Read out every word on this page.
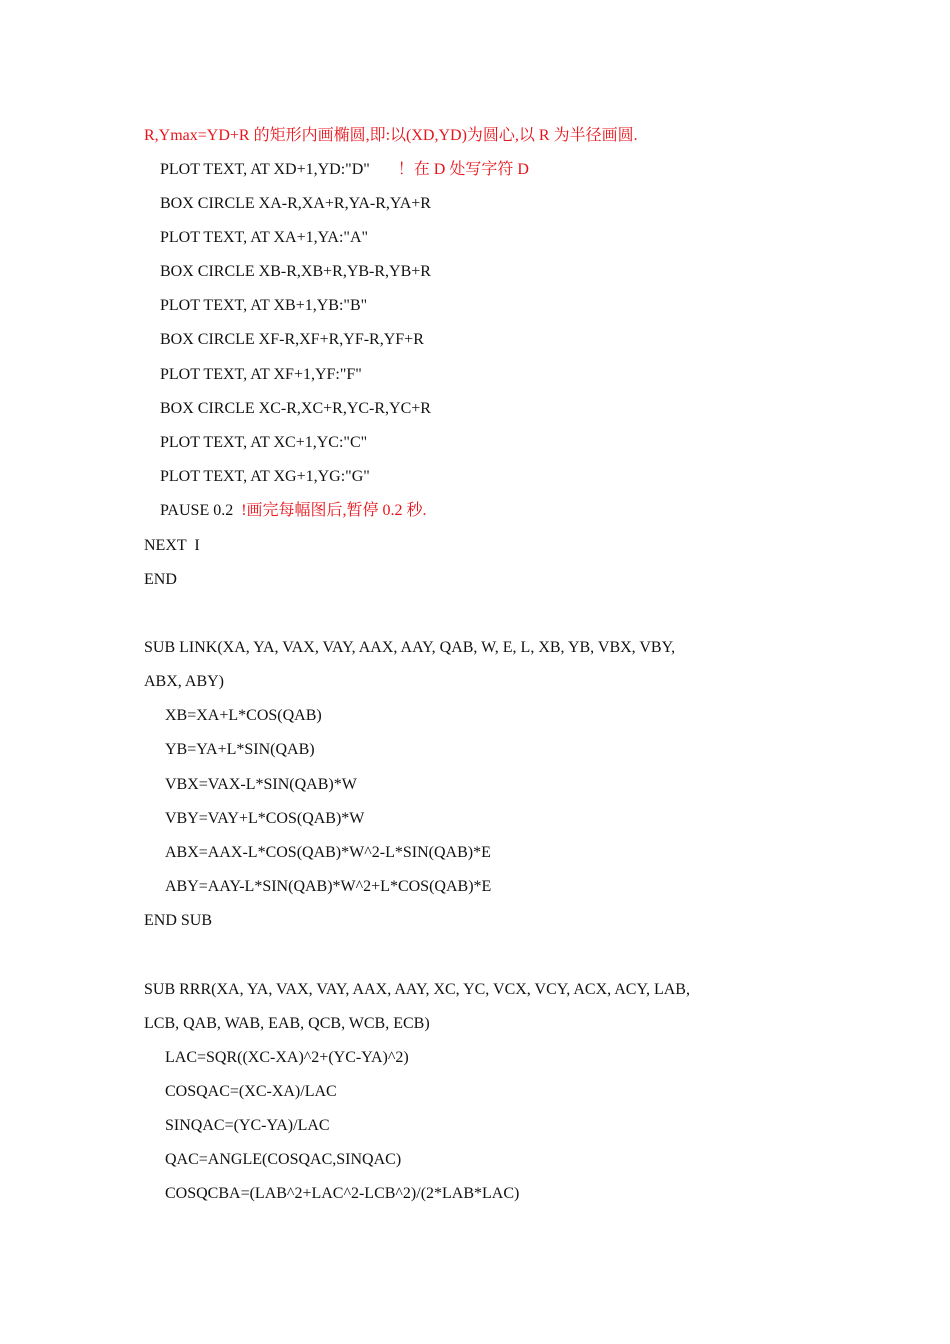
R,Ymax=YD+R 的矩形内画椭圆,即:以(XD,YD)为圆心,以 R 为半径画圆.
PLOT TEXT, AT XD+1,YD:"D"       ！在 D 处写字符 D
BOX CIRCLE XA-R,XA+R,YA-R,YA+R
PLOT TEXT, AT XA+1,YA:"A"
BOX CIRCLE XB-R,XB+R,YB-R,YB+R
PLOT TEXT, AT XB+1,YB:"B"
BOX CIRCLE XF-R,XF+R,YF-R,YF+R
PLOT TEXT, AT XF+1,YF:"F"
BOX CIRCLE XC-R,XC+R,YC-R,YC+R
PLOT TEXT, AT XC+1,YC:"C"
PLOT TEXT, AT XG+1,YG:"G"
PAUSE 0.2  !画完每幅图后,暂停 0.2 秒.
NEXT  I
END
SUB LINK(XA, YA, VAX, VAY, AAX, AAY, QAB, W, E, L, XB, YB, VBX, VBY,
ABX, ABY)
XB=XA+L*COS(QAB)
YB=YA+L*SIN(QAB)
VBX=VAX-L*SIN(QAB)*W
VBY=VAY+L*COS(QAB)*W
ABX=AAX-L*COS(QAB)*W^2-L*SIN(QAB)*E
ABY=AAY-L*SIN(QAB)*W^2+L*COS(QAB)*E
END SUB
SUB RRR(XA, YA, VAX, VAY, AAX, AAY, XC, YC, VCX, VCY, ACX, ACY, LAB,
LCB, QAB, WAB, EAB, QCB, WCB, ECB)
LAC=SQR((XC-XA)^2+(YC-YA)^2)
COSQAC=(XC-XA)/LAC
SINQAC=(YC-YA)/LAC
QAC=ANGLE(COSQAC,SINQAC)
COSQCBA=(LAB^2+LAC^2-LCB^2)/(2*LAB*LAC)
